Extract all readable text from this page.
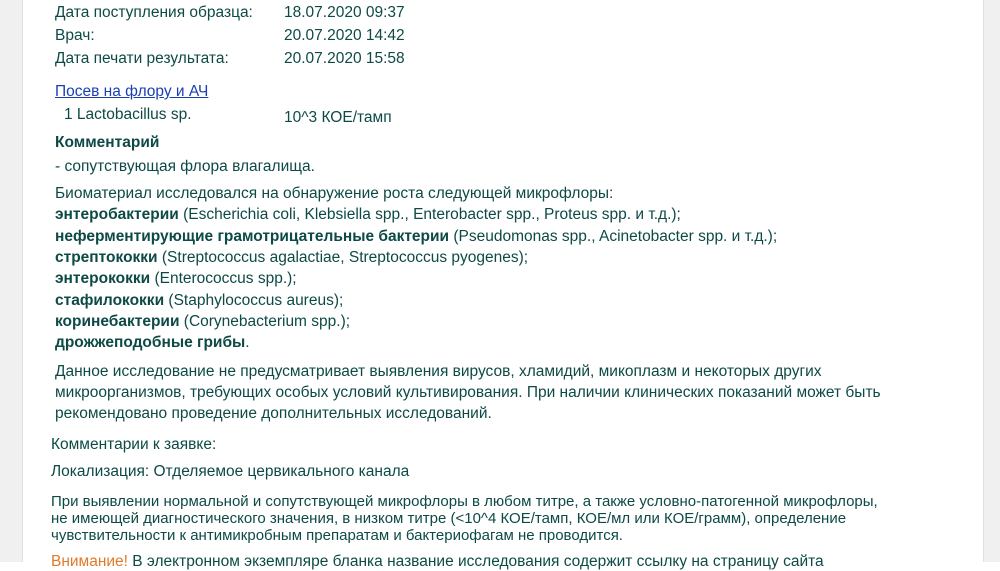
Дата поступления образца: 18.07.2020 09:37
Врач:	20.07.2020 14:42
Дата печати результата:	20.07.2020 15:58
Посев на флору и АЧ
1 Lactobacillus sp.	10^3 КОЕ/тамп
Комментарий
- сопутствующая флора влагалища.
Биоматериал исследовался на обнаружение роста следующей микрофлоры:
энтеробактерии (Escherichia coli, Klebsiella spp., Enterobacter spp., Proteus spp. и т.д.);
неферментирующие грамотрицательные бактерии (Pseudomonas spp., Acinetobacter spp. и т.д.);
стрептококки (Streptococcus agalactiae, Streptococcus pyogenes);
энтерококки (Enterococcus spp.);
стафилококки (Staphylococcus aureus);
коринебактерии (Corynebacterium spp.);
дрожжеподобные грибы.
Данное исследование не предусматривает выявления вирусов, хламидий, микоплазм и некоторых других
микроорганизмов, требующих особых условий культивирования. При наличии клинических показаний может быть
рекомендовано проведение дополнительных исследований.
Комментарии к заявке:
Локализация: Отделяемое цервикального канала
При выявлении нормальной и сопутствующей микрофлоры в любом титре, а также условно-патогенной микрофлоры,
не имеющей диагностического значения, в низком титре (<10^4 КОЕ/тамп, КОЕ/мл или КОЕ/грамм), определение
чувствительности к антимикробным препаратам и бактериофагам не проводится.
Внимание! В электронном экземпляре бланка название исследования содержит ссылку на страницу сайта
